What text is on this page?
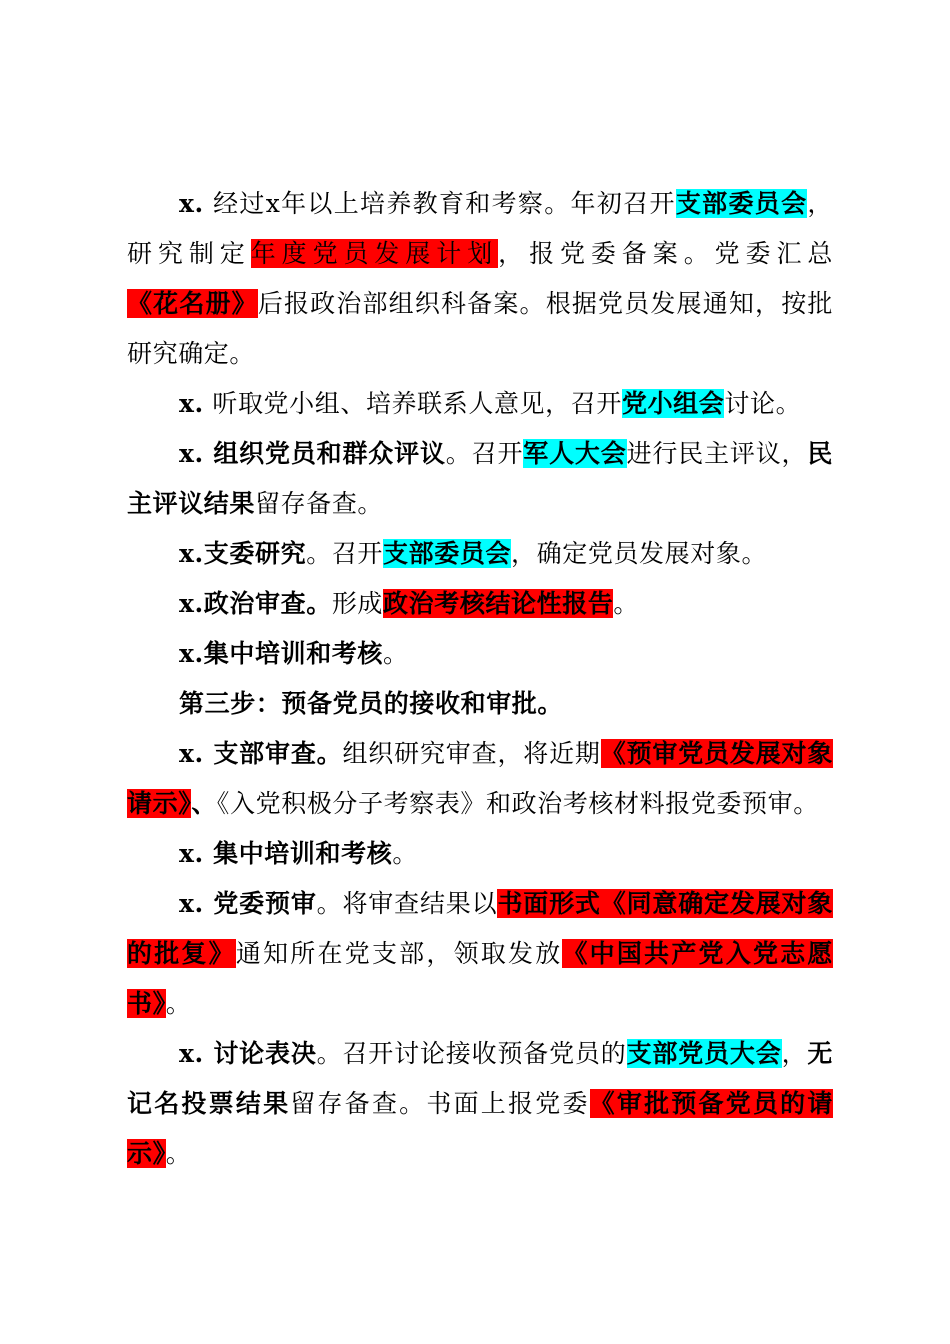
x. 经过x年以上培养教育和考察。年初召开支部委员会，研究制定年度党员发展计划，报党委备案。党委汇总《花名册》后报政治部组织科备案。根据党员发展通知，按批研究确定。

x. 听取党小组、培养联系人意见，召开党小组会讨论。

x. 组织党员和群众评议。召开军人大会进行民主评议，民主评议结果留存备查。

x.支委研究。召开支部委员会，确定党员发展对象。

x.政治审查。形成政治考核结论性报告。

x.集中培训和考核。

第三步：预备党员的接收和审批。

x. 支部审查。组织研究审查，将近期《预审党员发展对象请示》、《入党积极分子考察表》和政治考核材料报党委预审。

x. 集中培训和考核。

x. 党委预审。将审查结果以书面形式《同意确定发展对象的批复》通知所在党支部，领取发放《中国共产党入党志愿书》。

x. 讨论表决。召开讨论接收预备党员的支部党员大会，无记名投票结果留存备查。书面上报党委《审批预备党员的请示》。
